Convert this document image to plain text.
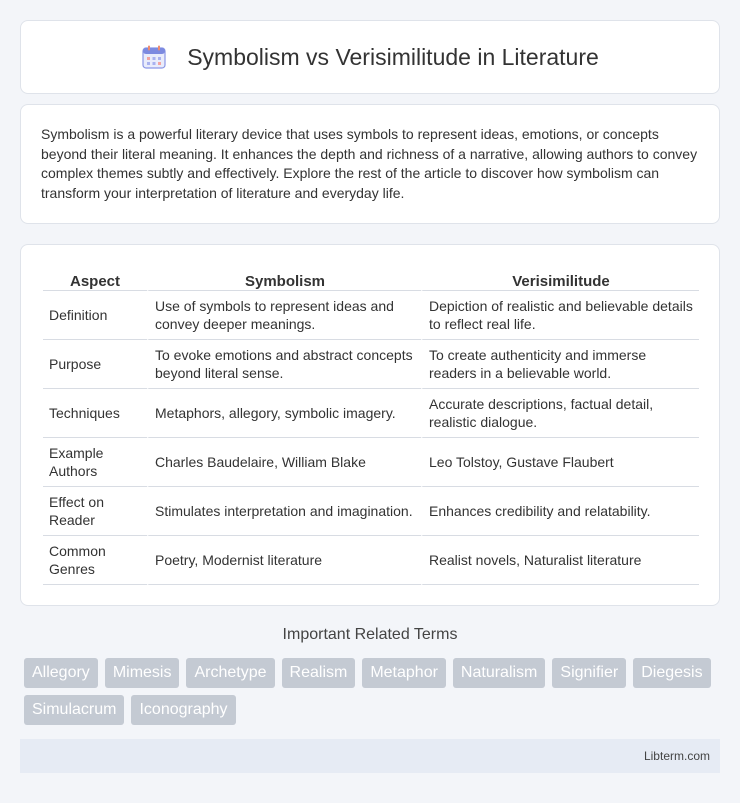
Symbolism vs Verisimilitude in Literature

Symbolism is a powerful literary device that uses symbols to represent ideas, emotions, or concepts beyond their literal meaning. It enhances the depth and richness of a narrative, allowing authors to convey complex themes subtly and effectively. Explore the rest of the article to discover how symbolism can transform your interpretation of literature and everyday life.

Aspect	Symbolism	Verisimilitude
Definition	Use of symbols to represent ideas and convey deeper meanings.	Depiction of realistic and believable details to reflect real life.
Purpose	To evoke emotions and abstract concepts beyond literal sense.	To create authenticity and immerse readers in a believable world.
Techniques	Metaphors, allegory, symbolic imagery.	Accurate descriptions, factual detail, realistic dialogue.
Example Authors	Charles Baudelaire, William Blake	Leo Tolstoy, Gustave Flaubert
Effect on Reader	Stimulates interpretation and imagination.	Enhances credibility and relatability.
Common Genres	Poetry, Modernist literature	Realist novels, Naturalist literature
Important Related Terms
Allegory	Mimesis	Archetype	Realism	Metaphor	Naturalism	Signifier	Diegesis
Simulacrum	Iconography
Libterm.com
